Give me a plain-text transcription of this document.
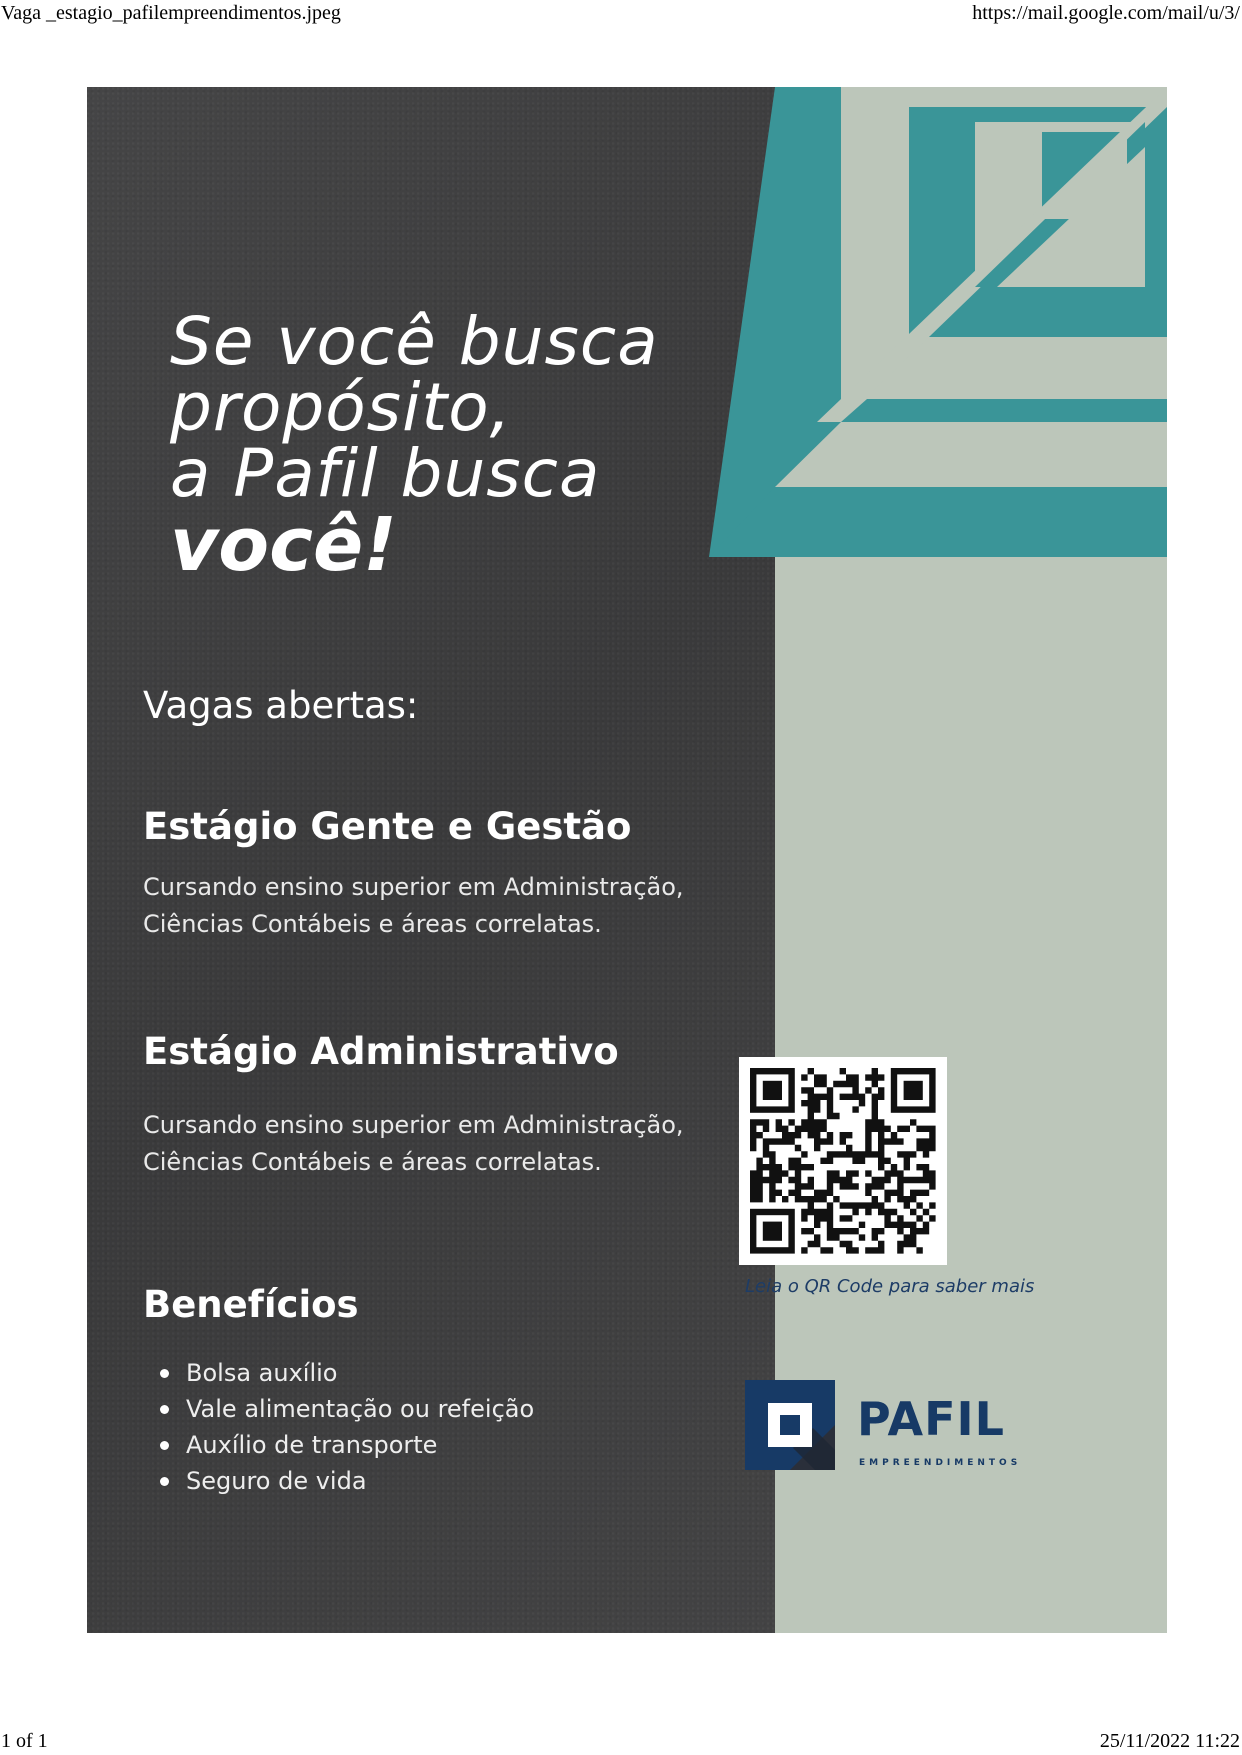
Vaga _estagio_pafilempreendimentos.jpeg	https://mail.google.com/mail/u/3/
Se você busca
propósito,
a Pafil busca
você!
Vagas abertas:
Estágio Gente e Gestão
Cursando ensino superior em Administração,
Ciências Contábeis e áreas correlatas.
Estágio Administrativo
Cursando ensino superior em Administração,
Ciências Contábeis e áreas correlatas.
Benefícios
Bolsa auxílio
Vale alimentação ou refeição
Auxílio de transporte
Seguro de vida
Leia o QR Code para saber mais
PAFIL
EMPREENDIMENTOS
1 of 1	25/11/2022 11:22
